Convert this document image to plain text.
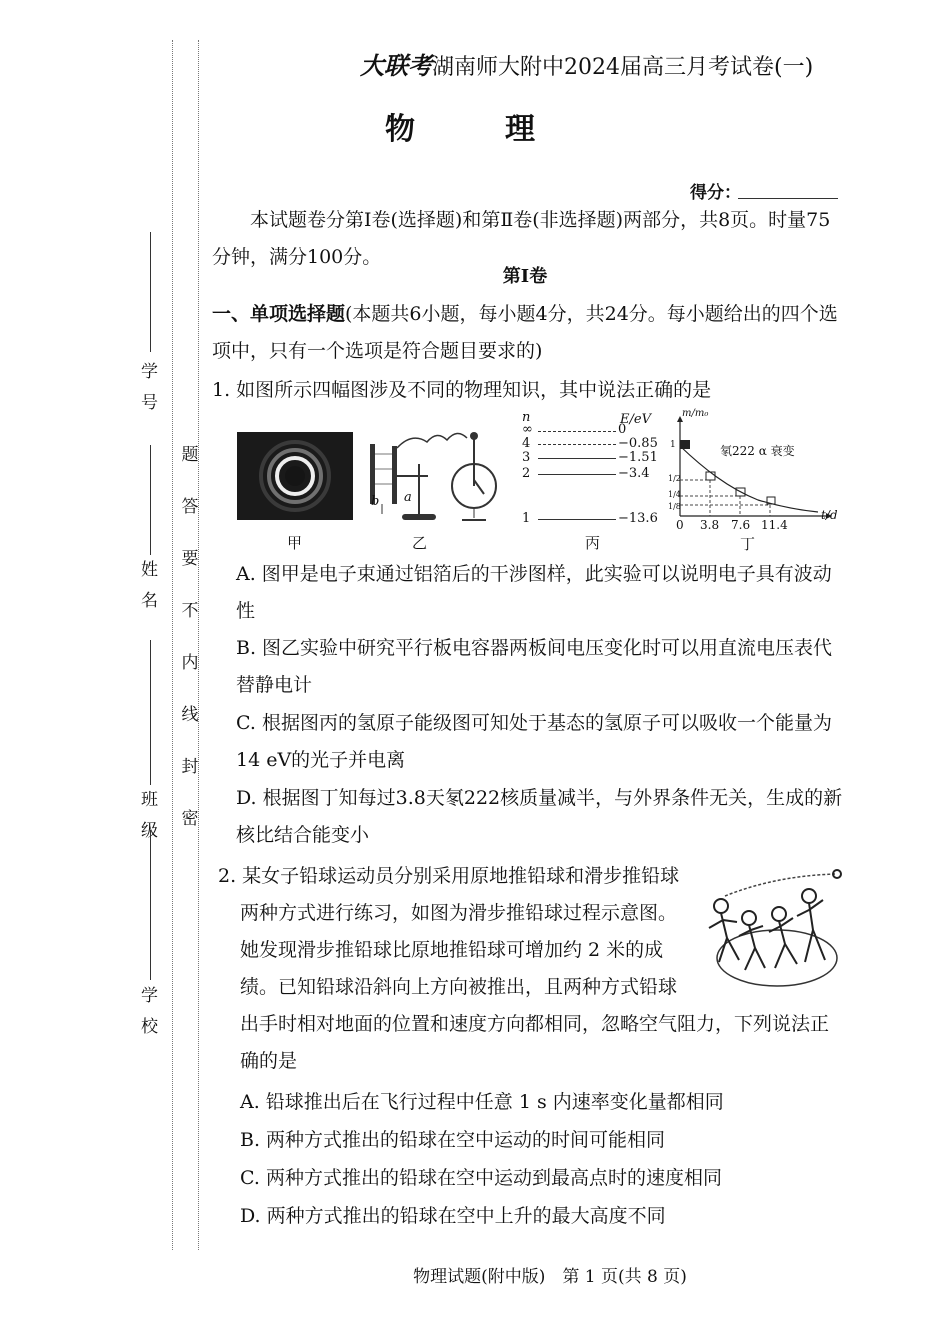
学号
姓名
班级
学校
题
答
要
不
内
线
封
密
大联考湖南师大附中2024届高三月考试卷(一)
物　理
得分：
本试题卷分第Ⅰ卷(选择题)和第Ⅱ卷(非选择题)两部分，共8页。时量75分钟，满分100分。
第Ⅰ卷
一、单项选择题(本题共6小题，每小题4分，共24分。每小题给出的四个选项中，只有一个选项是符合题目要求的)
1. 如图所示四幅图涉及不同的物理知识，其中说法正确的是
甲
b a
乙
n	E/eV
∞	0
4	−0.85
3	−1.51
2	−3.4
1	−13.6
丙
m/m₀
氡222 α 衰变
t/d
0 3.8 7.6 11.4
1
1/2
1/4
1/8
丁
A. 图甲是电子束通过铝箔后的干涉图样，此实验可以说明电子具有波动性
B. 图乙实验中研究平行板电容器两板间电压变化时可以用直流电压表代替静电计
C. 根据图丙的氢原子能级图可知处于基态的氢原子可以吸收一个能量为14 eV的光子并电离
D. 根据图丁知每过3.8天氡222核质量减半，与外界条件无关，生成的新核比结合能变小
2. 某女子铅球运动员分别采用原地推铅球和滑步推铅球
两种方式进行练习，如图为滑步推铅球过程示意图。
她发现滑步推铅球比原地推铅球可增加约 2 米的成
绩。已知铅球沿斜向上方向被推出，且两种方式铅球
出手时相对地面的位置和速度方向都相同，忽略空气阻力，下列说法正
确的是
A. 铅球推出后在飞行过程中任意 1 s 内速率变化量都相同
B. 两种方式推出的铅球在空中运动的时间可能相同
C. 两种方式推出的铅球在空中运动到最高点时的速度相同
D. 两种方式推出的铅球在空中上升的最大高度不同
物理试题(附中版)　第 1 页(共 8 页)
